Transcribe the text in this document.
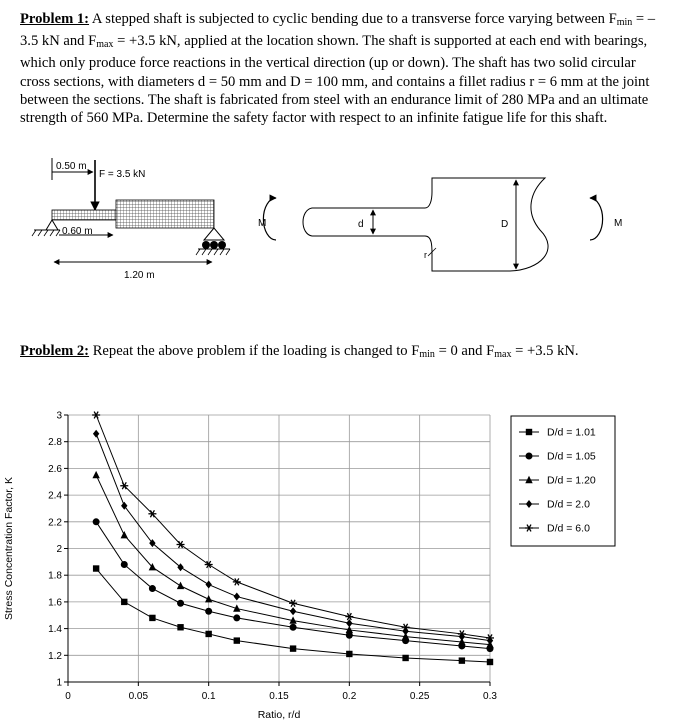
Problem 1: A stepped shaft is subjected to cyclic bending due to a transverse force varying between $F_{min} = -3.5$ kN and $F_{max} = +3.5$ kN, applied at the location shown. The shaft is supported at each end with bearings, which only produce force reactions in the vertical direction (up or down). The shaft has two solid circular cross sections, with diameters d = 50 mm and D = 100 mm, and contains a fillet radius r = 6 mm at the joint between the sections. The shaft is fabricated from steel with an endurance limit of 280 MPa and an ultimate strength of 560 MPa. Determine the safety factor with respect to an infinite fatigue life for this shaft.
0.50 m
F = 3.5 kN
0.60 m
1.20 m
M	d	D
r
M
Problem 2: Repeat the above problem if the loading is changed to $F_{min} = 0$ and $F_{max} = +3.5$ kN.
1
1.2
1.4
1.6
1.8
2
2.2
2.4
2.6
2.8
3
0	0.05	0.1	0.15	0.2	0.25	0.3
Ratio, r/d
Stress Concentration Factor, K
D/d = 1.01
D/d = 1.05
D/d = 1.20
D/d = 2.0
D/d = 6.0
